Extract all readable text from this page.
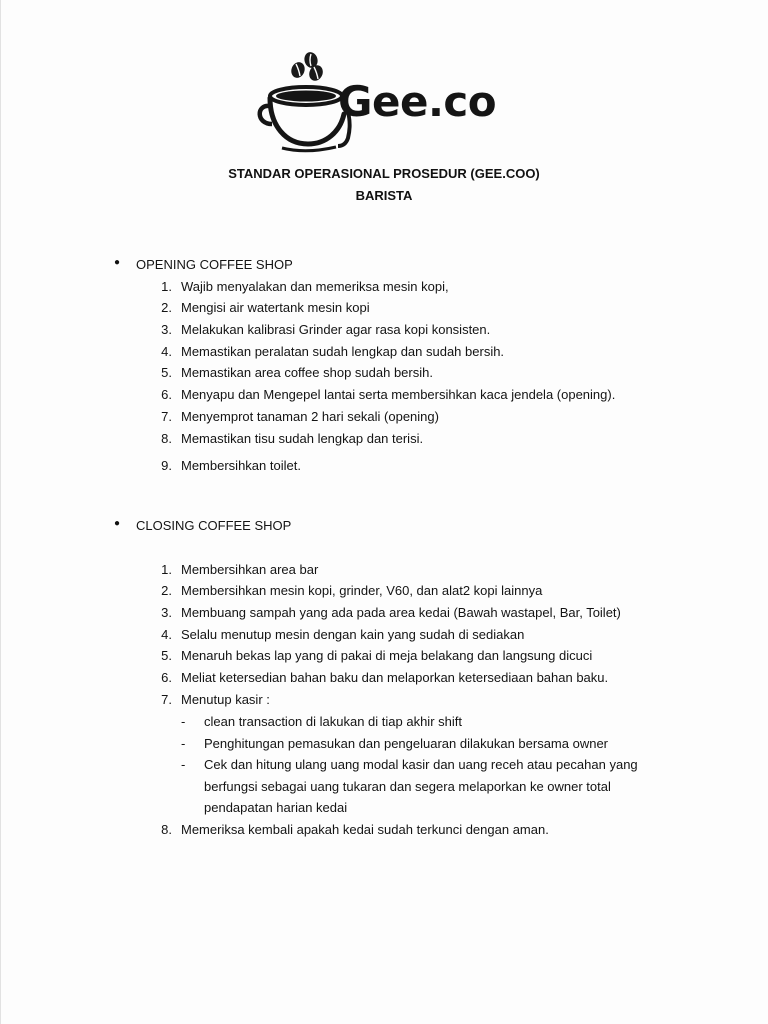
Gee.co
STANDAR OPERASIONAL PROSEDUR (GEE.COO)
BARISTA
● OPENING COFFEE SHOP
1. Wajib menyalakan dan memeriksa mesin kopi,
2. Mengisi air watertank mesin kopi
3. Melakukan kalibrasi Grinder agar rasa kopi konsisten.
4. Memastikan peralatan sudah lengkap dan sudah bersih.
5. Memastikan area coffee shop sudah bersih.
6. Menyapu dan Mengepel lantai serta membersihkan kaca jendela (opening).
7. Menyemprot tanaman 2 hari sekali (opening)
8. Memastikan tisu sudah lengkap dan terisi.
9. Membersihkan toilet.
● CLOSING COFFEE SHOP
1. Membersihkan area bar
2. Membersihkan mesin kopi, grinder, V60, dan alat2 kopi lainnya
3. Membuang sampah yang ada pada area kedai (Bawah wastapel, Bar, Toilet)
4. Selalu menutup mesin dengan kain yang sudah di sediakan
5. Menaruh bekas lap yang di pakai di meja belakang dan langsung dicuci
6. Meliat ketersedian bahan baku dan melaporkan ketersediaan bahan baku.
7. Menutup kasir :
- clean transaction di lakukan di tiap akhir shift
- Penghitungan pemasukan dan pengeluaran dilakukan bersama owner
- Cek dan hitung ulang uang modal kasir dan uang receh atau pecahan yang
berfungsi sebagai uang tukaran dan segera melaporkan ke owner total
pendapatan harian kedai
8. Memeriksa kembali apakah kedai sudah terkunci dengan aman.
